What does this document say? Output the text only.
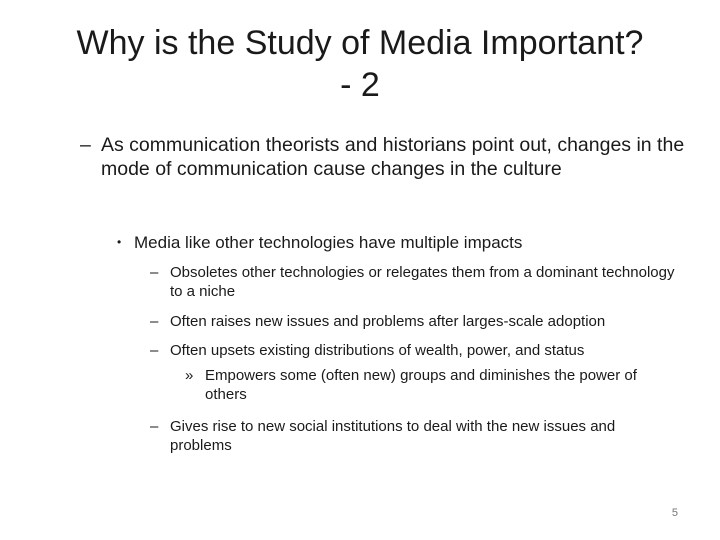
Why is the Study of Media Important?
- 2

– As communication theorists and historians point out, changes in the mode of communication cause changes in the culture

• Media like other technologies have multiple impacts

– Obsoletes other technologies or relegates them from a dominant technology to a niche

– Often raises new issues and problems after larges-scale adoption

– Often upsets existing distributions of wealth, power, and status

» Empowers some (often new) groups and diminishes the power of others

– Gives rise to new social institutions to deal with the new issues and problems

5
